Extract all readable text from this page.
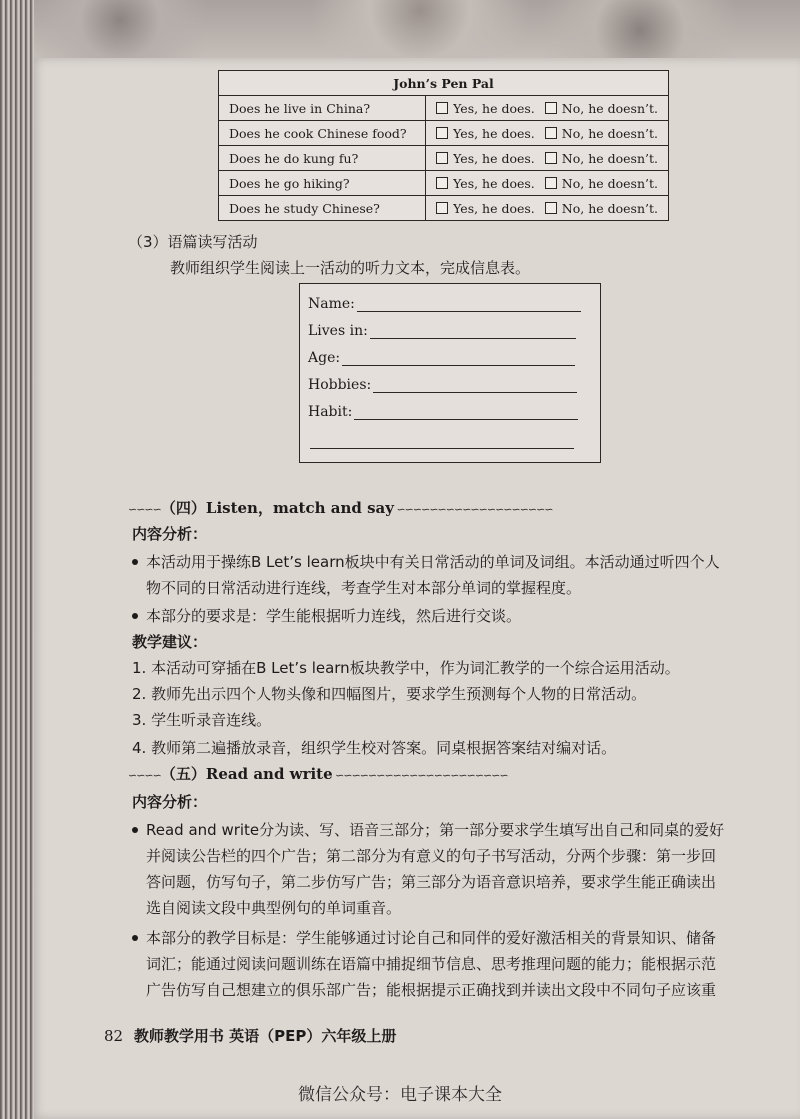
John’s Pen Pal	
Does he live in China?	Yes, he does. No, he doesn’t.

Does he cook Chinese food?	Yes, he does. No, he doesn’t.

Does he do kung fu?	Yes, he does. No, he doesn’t.

Does he go hiking?	Yes, he does. No, he doesn’t.

Does he study Chinese?	Yes, he does. No, he doesn’t.
（3）语篇读写活动
教师组织学生阅读上一活动的听力文本，完成信息表。
Name:
Lives in:
Age:
Hobbies:
Habit:
∽∽∽∽（四）Listen，match and say ∽∽∽∽∽∽∽∽∽∽∽∽∽∽∽∽∽∽∽
内容分析：
本活动用于操练B Let’s learn板块中有关日常活动的单词及词组。本活动通过听四个人
物不同的日常活动进行连线，考查学生对本部分单词的掌握程度。
本部分的要求是：学生能根据听力连线，然后进行交谈。
教学建议：
1. 本活动可穿插在B Let’s learn板块教学中，作为词汇教学的一个综合运用活动。
2. 教师先出示四个人物头像和四幅图片，要求学生预测每个人物的日常活动。
3. 学生听录音连线。
4. 教师第二遍播放录音，组织学生校对答案。同桌根据答案结对编对话。
∽∽∽∽（五）Read and write ∽∽∽∽∽∽∽∽∽∽∽∽∽∽∽∽∽∽∽∽∽
内容分析：
Read and write分为读、写、语音三部分；第一部分要求学生填写出自己和同桌的爱好
并阅读公告栏的四个广告；第二部分为有意义的句子书写活动，分两个步骤：第一步回
答问题，仿写句子，第二步仿写广告；第三部分为语音意识培养，要求学生能正确读出
选自阅读文段中典型例句的单词重音。
本部分的教学目标是：学生能够通过讨论自己和同伴的爱好激活相关的背景知识、储备
词汇；能通过阅读问题训练在语篇中捕捉细节信息、思考推理问题的能力；能根据示范
广告仿写自己想建立的俱乐部广告；能根据提示正确找到并读出文段中不同句子应该重
82 教师教学用书 英语（PEP）六年级上册
微信公众号：电子课本大全
